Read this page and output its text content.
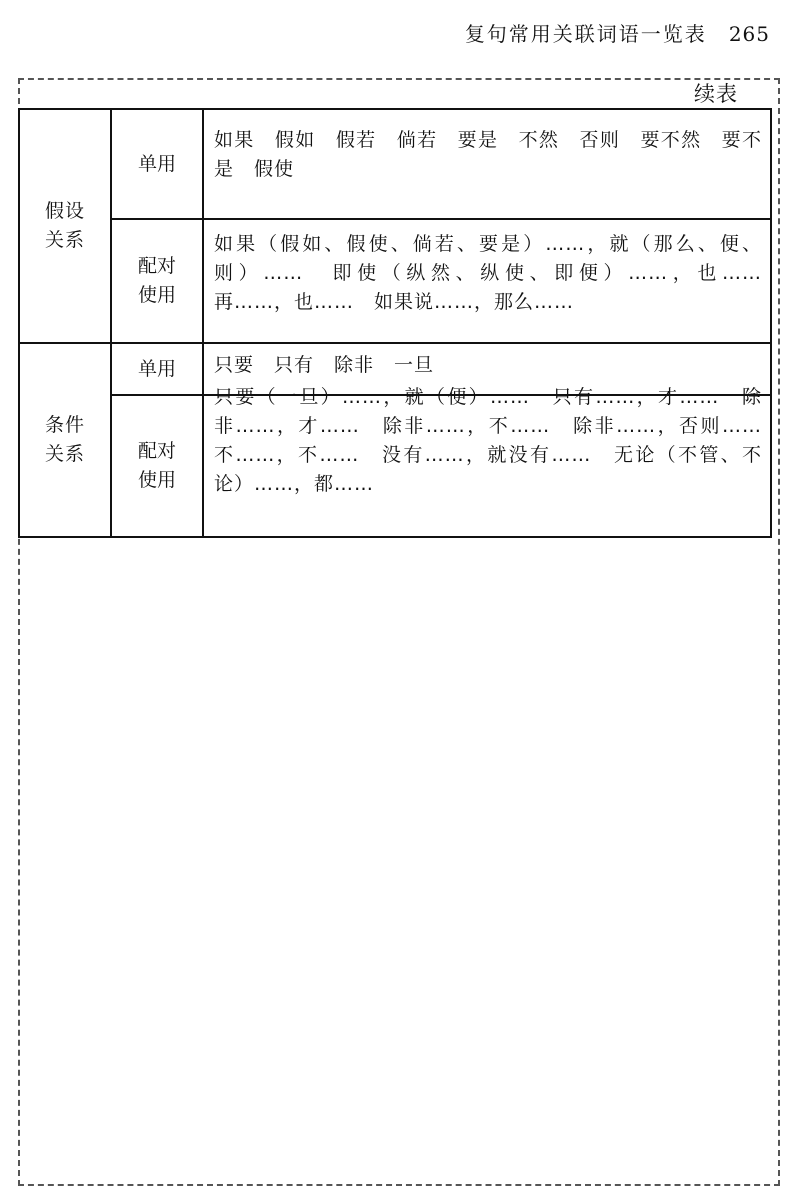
复句常用关联词语一览表 265
续表
假设
关系	单用	如果　假如　假若　倘若　要是　不然　否则　要不然　要不是　假使

	配对
使用	如果（假如、假使、倘若、要是）……，就（那么、便、则）……　即使（纵然、纵使、即便）……，也……　再……，也……　如果说……，那么……

条件
关系	单用	只要　只有　除非　一旦

	配对
使用	只要（一旦）……，就（便）……　只有……，才……　除非……，才……　除非……，不……　除非……，否则……　不……，不……　没有……，就没有……　无论（不管、不论）……，都……
